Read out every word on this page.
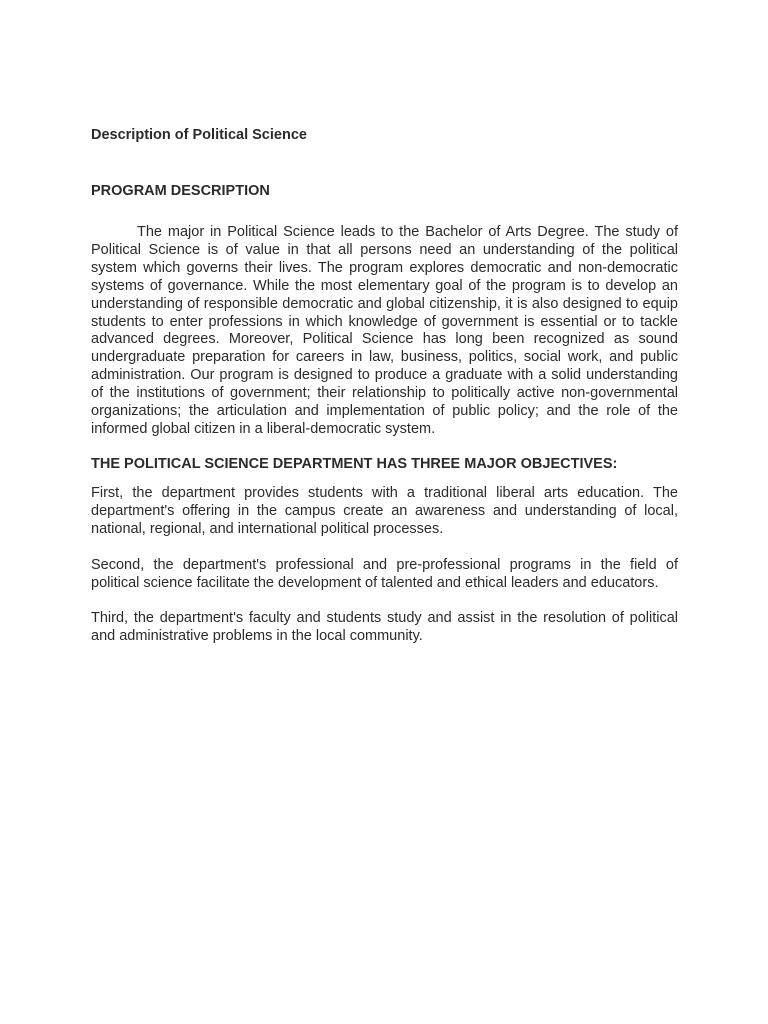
Description of Political Science
PROGRAM DESCRIPTION

The major in Political Science leads to the Bachelor of Arts Degree. The study of Political Science is of value in that all persons need an understanding of the political system which governs their lives. The program explores democratic and non-democratic systems of governance. While the most elementary goal of the program is to develop an understanding of responsible democratic and global citizenship, it is also designed to equip students to enter professions in which knowledge of government is essential or to tackle advanced degrees. Moreover, Political Science has long been recognized as sound undergraduate preparation for careers in law, business, politics, social work, and public administration. Our program is designed to produce a graduate with a solid understanding of the institutions of government; their relationship to politically active non-governmental organizations; the articulation and implementation of public policy; and the role of the informed global citizen in a liberal-democratic system.

THE POLITICAL SCIENCE DEPARTMENT HAS THREE MAJOR OBJECTIVES:

First, the department provides students with a traditional liberal arts education. The department's offering in the campus create an awareness and understanding of local, national, regional, and international political processes.

Second, the department's professional and pre-professional programs in the field of political science facilitate the development of talented and ethical leaders and educators.

Third, the department's faculty and students study and assist in the resolution of political and administrative problems in the local community.
